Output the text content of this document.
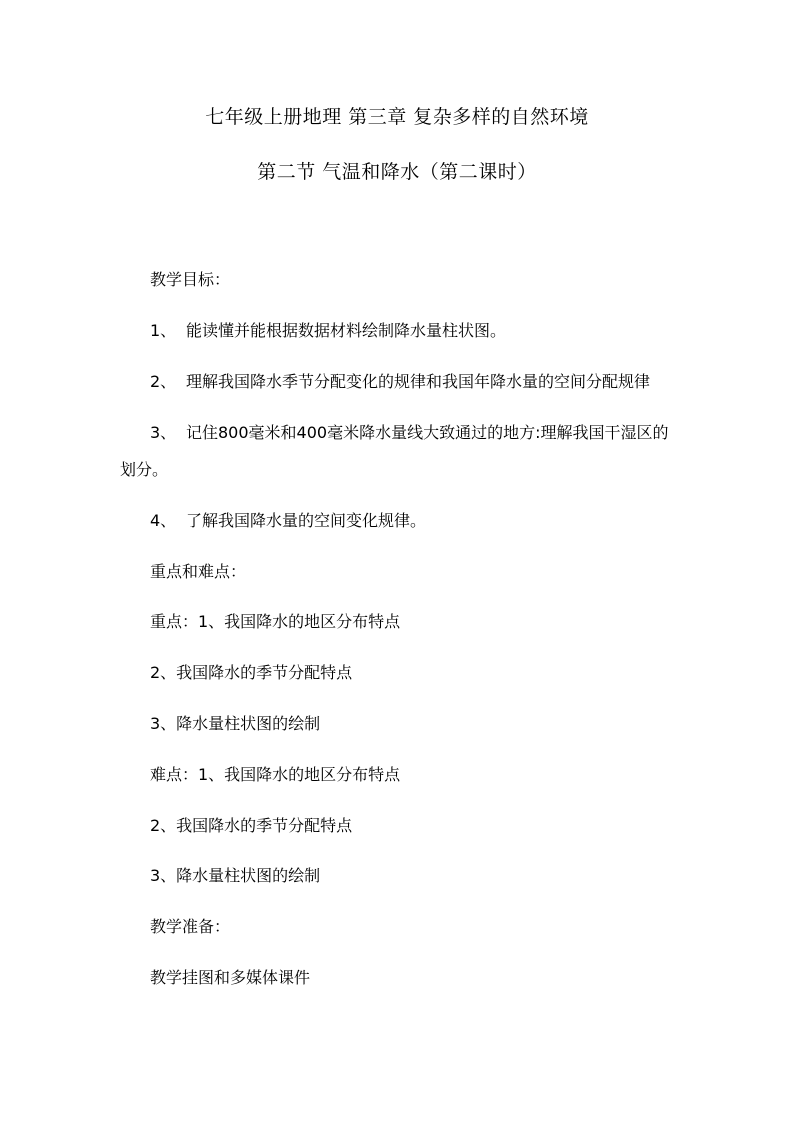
七年级上册地理 第三章 复杂多样的自然环境
第二节 气温和降水（第二课时）
教学目标：
1、 能读懂并能根据数据材料绘制降水量柱状图。
2、 理解我国降水季节分配变化的规律和我国年降水量的空间分配规律
3、 记住800毫米和400毫米降水量线大致通过的地方:理解我国干湿区的
划分。
4、 了解我国降水量的空间变化规律。
重点和难点：
重点：1、我国降水的地区分布特点
2、我国降水的季节分配特点
3、降水量柱状图的绘制
难点：1、我国降水的地区分布特点
2、我国降水的季节分配特点
3、降水量柱状图的绘制
教学准备：
教学挂图和多媒体课件
